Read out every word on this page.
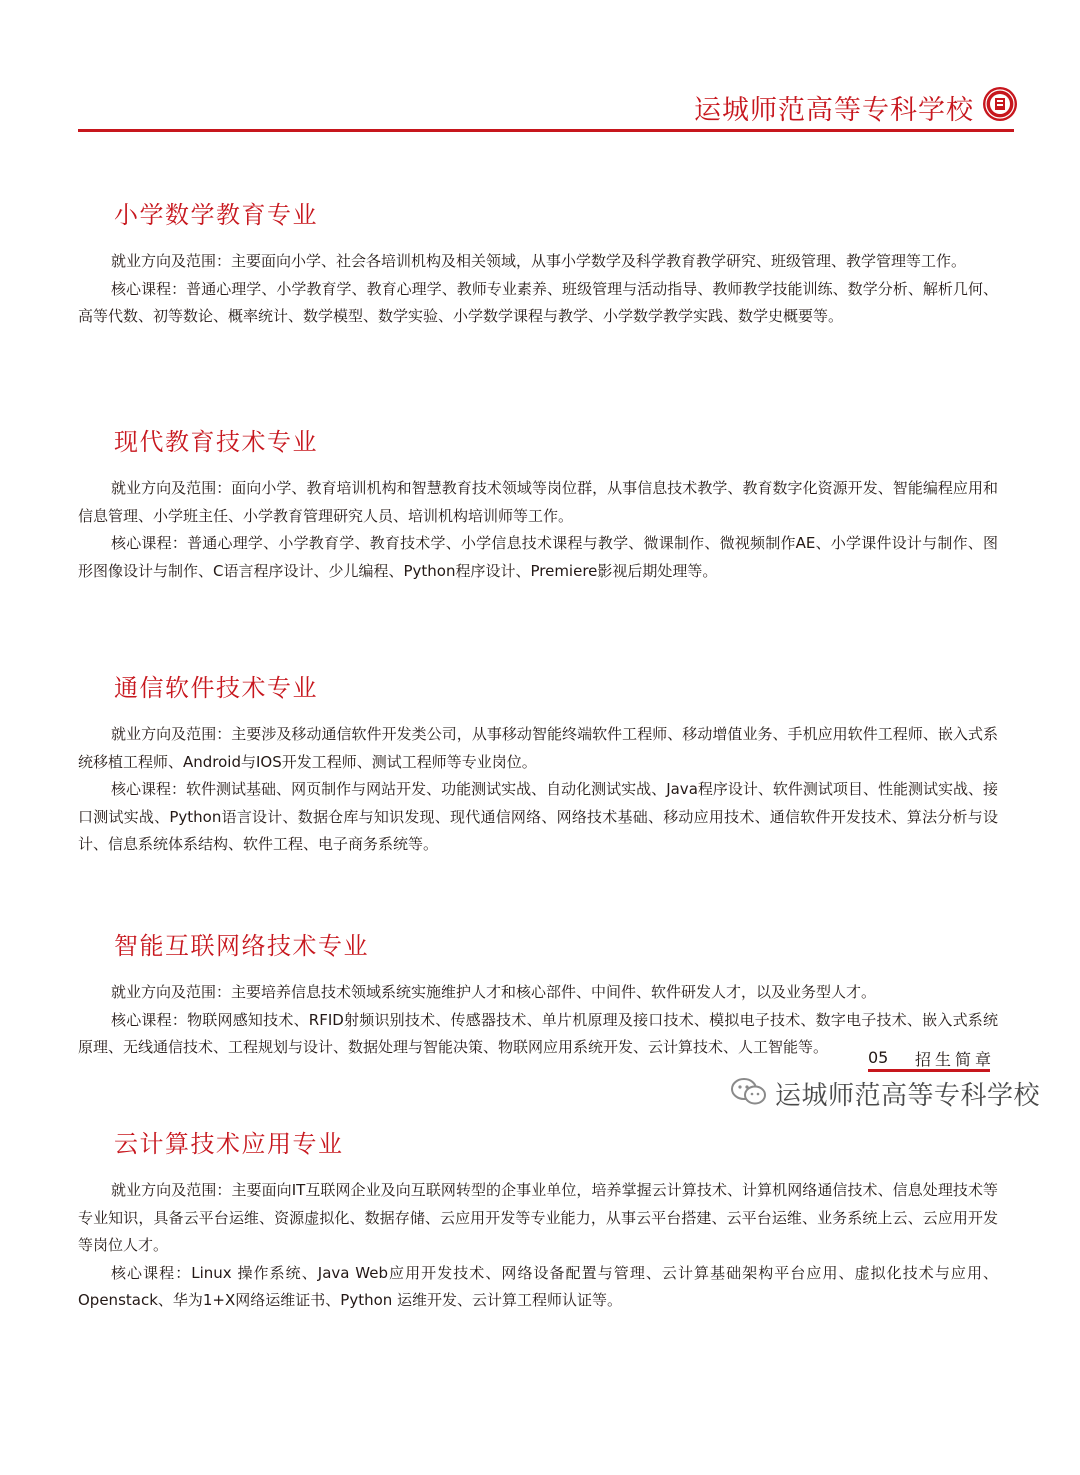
运城师范高等专科学校
小学数学教育专业

就业方向及范围：主要面向小学、社会各培训机构及相关领域，从事小学数学及科学教育教学研究、班级管理、教学管理等工作。

核心课程：普通心理学、小学教育学、教育心理学、教师专业素养、班级管理与活动指导、教师教学技能训练、数学分析、解析几何、高等代数、初等数论、概率统计、数学模型、数学实验、小学数学课程与教学、小学数学教学实践、数学史概要等。

现代教育技术专业

就业方向及范围：面向小学、教育培训机构和智慧教育技术领域等岗位群，从事信息技术教学、教育数字化资源开发、智能编程应用和信息管理、小学班主任、小学教育管理研究人员、培训机构培训师等工作。

核心课程：普通心理学、小学教育学、教育技术学、小学信息技术课程与教学、微课制作、微视频制作AE、小学课件设计与制作、图形图像设计与制作、C语言程序设计、少儿编程、Python程序设计、Premiere影视后期处理等。

通信软件技术专业

就业方向及范围：主要涉及移动通信软件开发类公司，从事移动智能终端软件工程师、移动增值业务、手机应用软件工程师、嵌入式系统移植工程师、Android与IOS开发工程师、测试工程师等专业岗位。

核心课程：软件测试基础、网页制作与网站开发、功能测试实战、自动化测试实战、Java程序设计、软件测试项目、性能测试实战、接口测试实战、Python语言设计、数据仓库与知识发现、现代通信网络、网络技术基础、移动应用技术、通信软件开发技术、算法分析与设计、信息系统体系结构、软件工程、电子商务系统等。

智能互联网络技术专业

就业方向及范围：主要培养信息技术领域系统实施维护人才和核心部件、中间件、软件研发人才，以及业务型人才。

核心课程：物联网感知技术、RFID射频识别技术、传感器技术、单片机原理及接口技术、模拟电子技术、数字电子技术、嵌入式系统原理、无线通信技术、工程规划与设计、数据处理与智能决策、物联网应用系统开发、云计算技术、人工智能等。

云计算技术应用专业

就业方向及范围：主要面向IT互联网企业及向互联网转型的企事业单位，培养掌握云计算技术、计算机网络通信技术、信息处理技术等专业知识，具备云平台运维、资源虚拟化、数据存储、云应用开发等专业能力，从事云平台搭建、云平台运维、业务系统上云、云应用开发等岗位人才。

核心课程：Linux 操作系统、Java Web应用开发技术、网络设备配置与管理、云计算基础架构平台应用、虚拟化技术与应用、Openstack、华为1+X网络运维证书、Python 运维开发、云计算工程师认证等。

05 招生简章
运城师范高等专科学校
